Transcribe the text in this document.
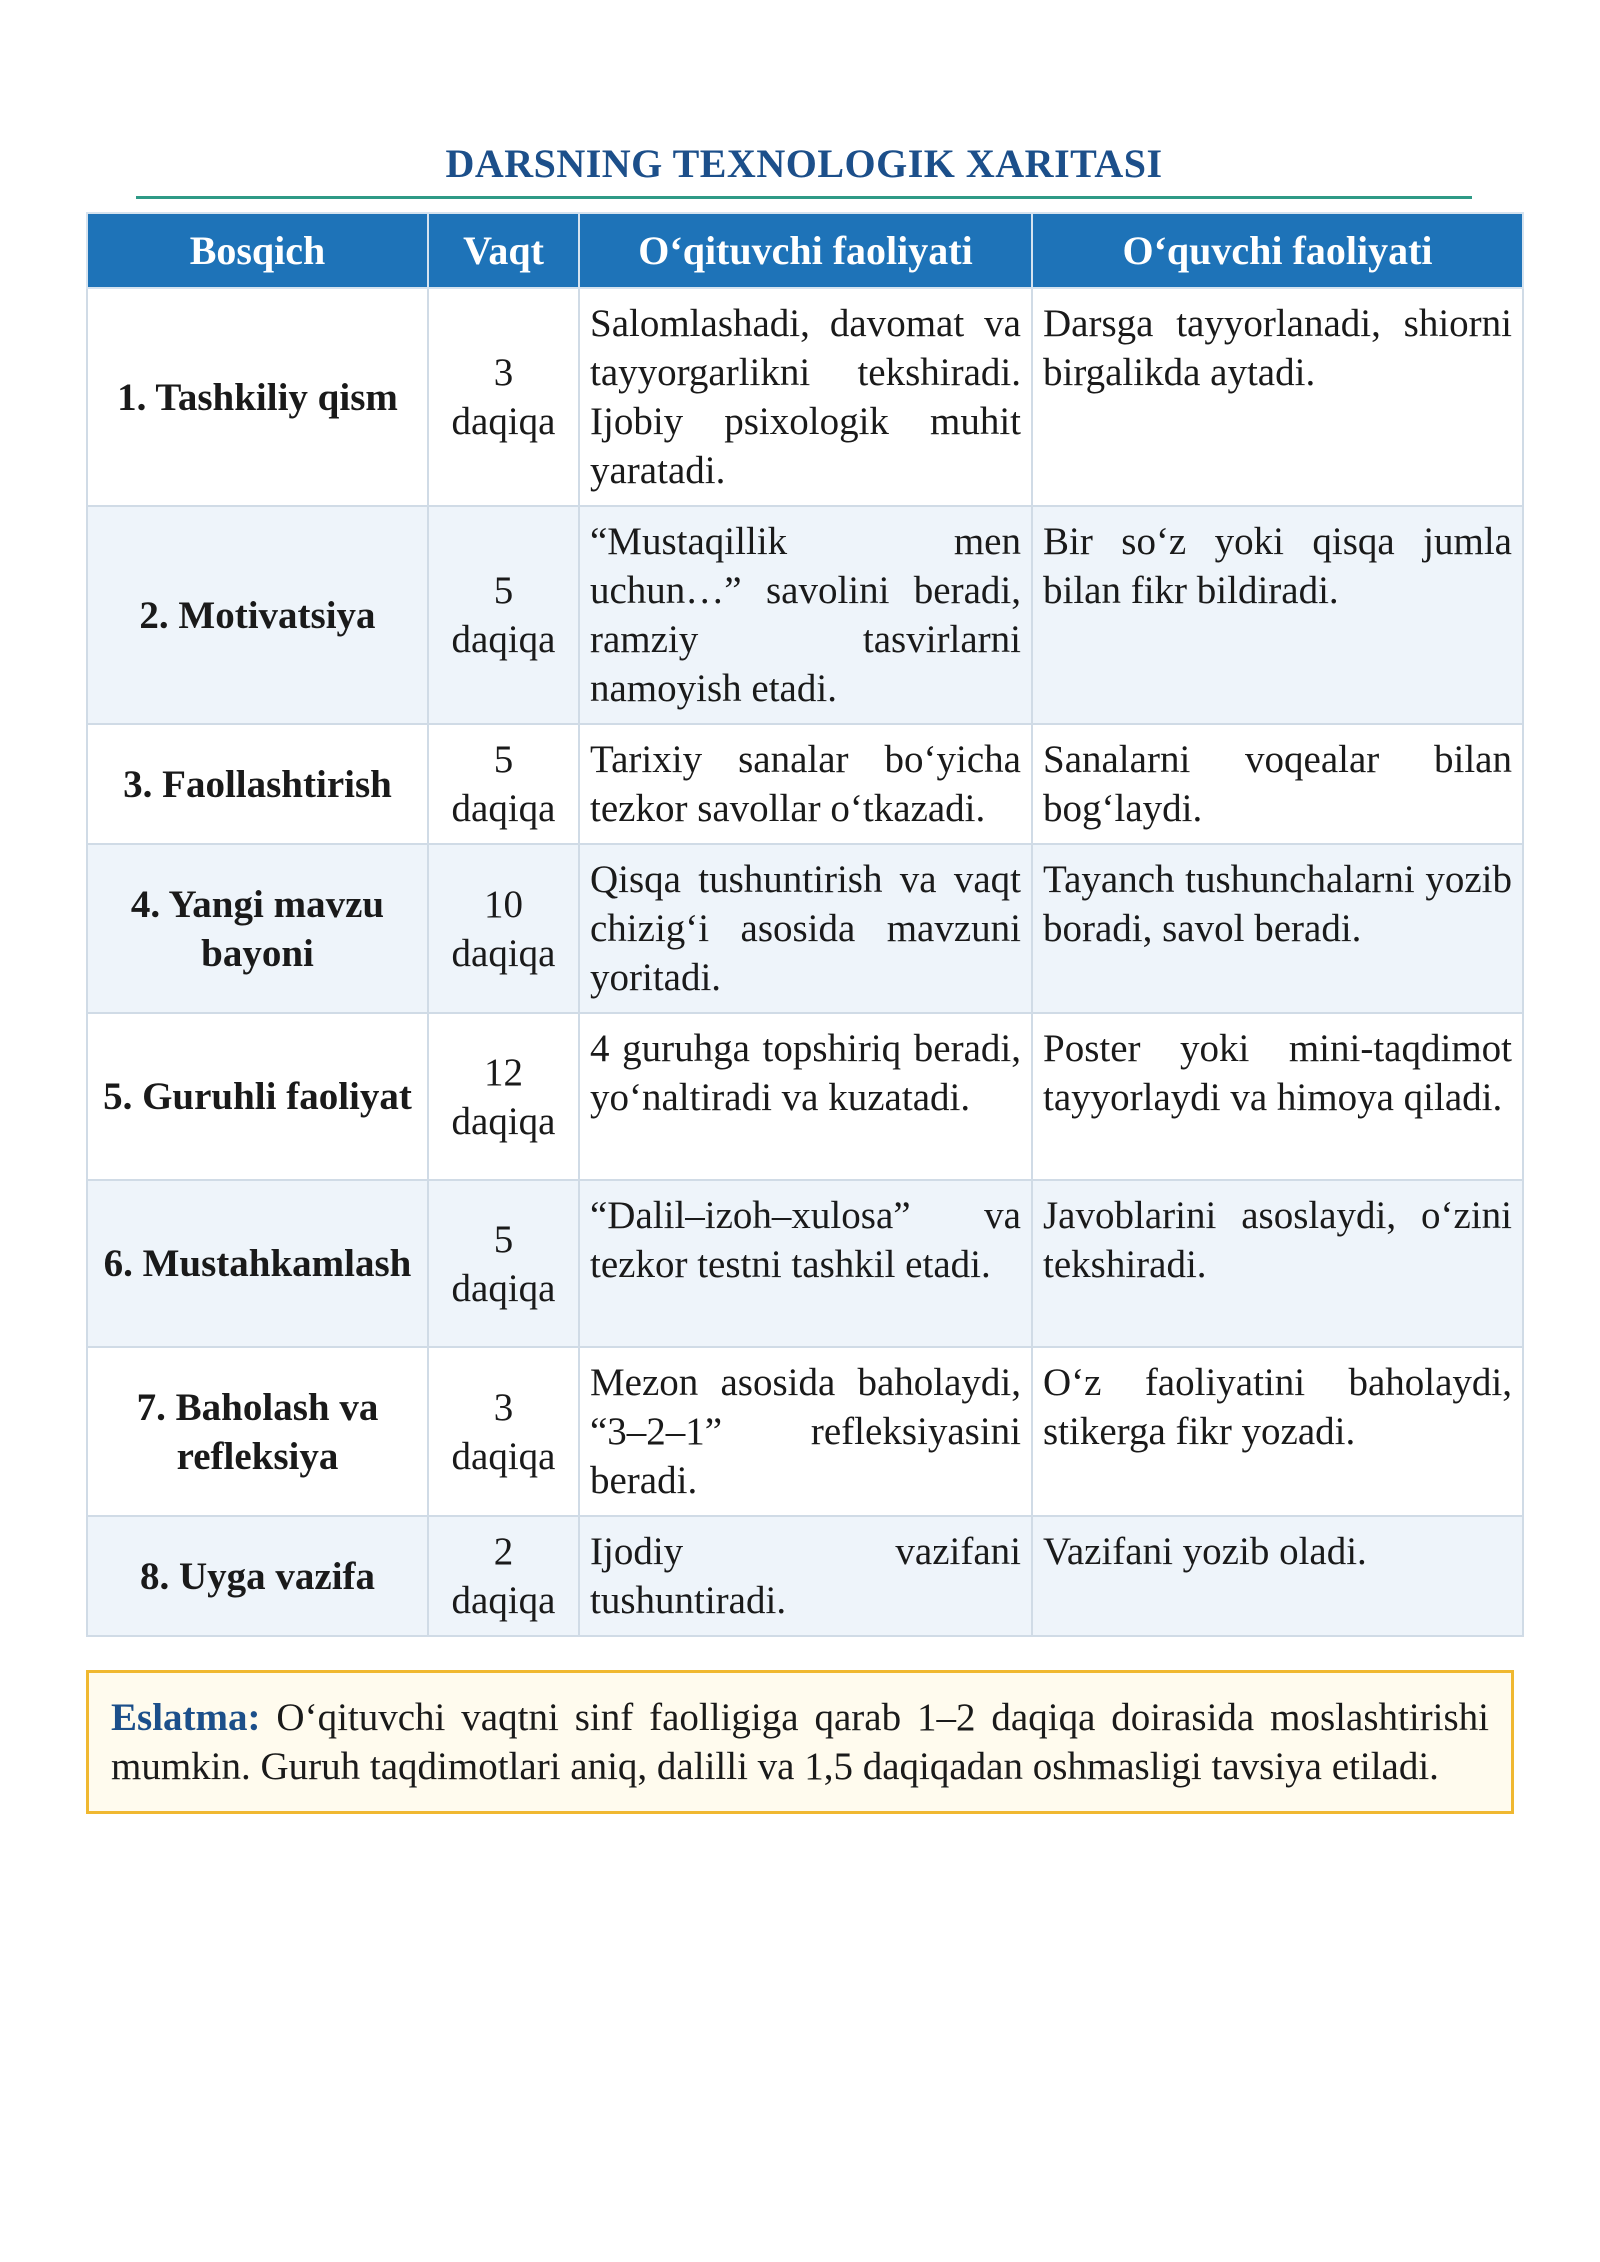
DARSNING TEXNOLOGIK XARITASI
Bosqich	Vaqt	O‘qituvchi faoliyati	O‘quvchi faoliyati
1. Tashkiliy qism	3 daqiqa	Salomlashadi, davomat va tayyorgarlikni tekshiradi. Ijobiy psixologik muhit yaratadi.	Darsga tayyorlanadi, shiorni birgalikda aytadi.
2. Motivatsiya	5 daqiqa	“Mustaqillik men uchun…” savolini beradi, ramziy tasvirlarni namoyish etadi.	Bir so‘z yoki qisqa jumla bilan fikr bildiradi.
3. Faollashtirish	5 daqiqa	Tarixiy sanalar bo‘yicha tezkor savollar o‘tkazadi.	Sanalarni voqealar bilan bog‘laydi.
4. Yangi mavzu bayoni	10 daqiqa	Qisqa tushuntirish va vaqt chizig‘i asosida mavzuni yoritadi.	Tayanch tushunchalarni yozib boradi, savol beradi.
5. Guruhli faoliyat	12 daqiqa	4 guruhga topshiriq beradi, yo‘naltiradi va kuzatadi.	Poster yoki mini-taqdimot tayyorlaydi va himoya qiladi.
6. Mustahkamlash	5 daqiqa	“Dalil–izoh–xulosa” va tezkor testni tashkil etadi.	Javoblarini asoslaydi, o‘zini tekshiradi.
7. Baholash va refleksiya	3 daqiqa	Mezon asosida baholaydi, “3–2–1” refleksiyasini beradi.	O‘z faoliyatini baholaydi, stikerga fikr yozadi.
8. Uyga vazifa	2 daqiqa	Ijodiy vazifani tushuntiradi.	Vazifani yozib oladi.
Eslatma: O‘qituvchi vaqtni sinf faolligiga qarab 1–2 daqiqa doirasida moslashtirishi mumkin. Guruh taqdimotlari aniq, dalilli va 1,5 daqiqadan oshmasligi tavsiya etiladi.
